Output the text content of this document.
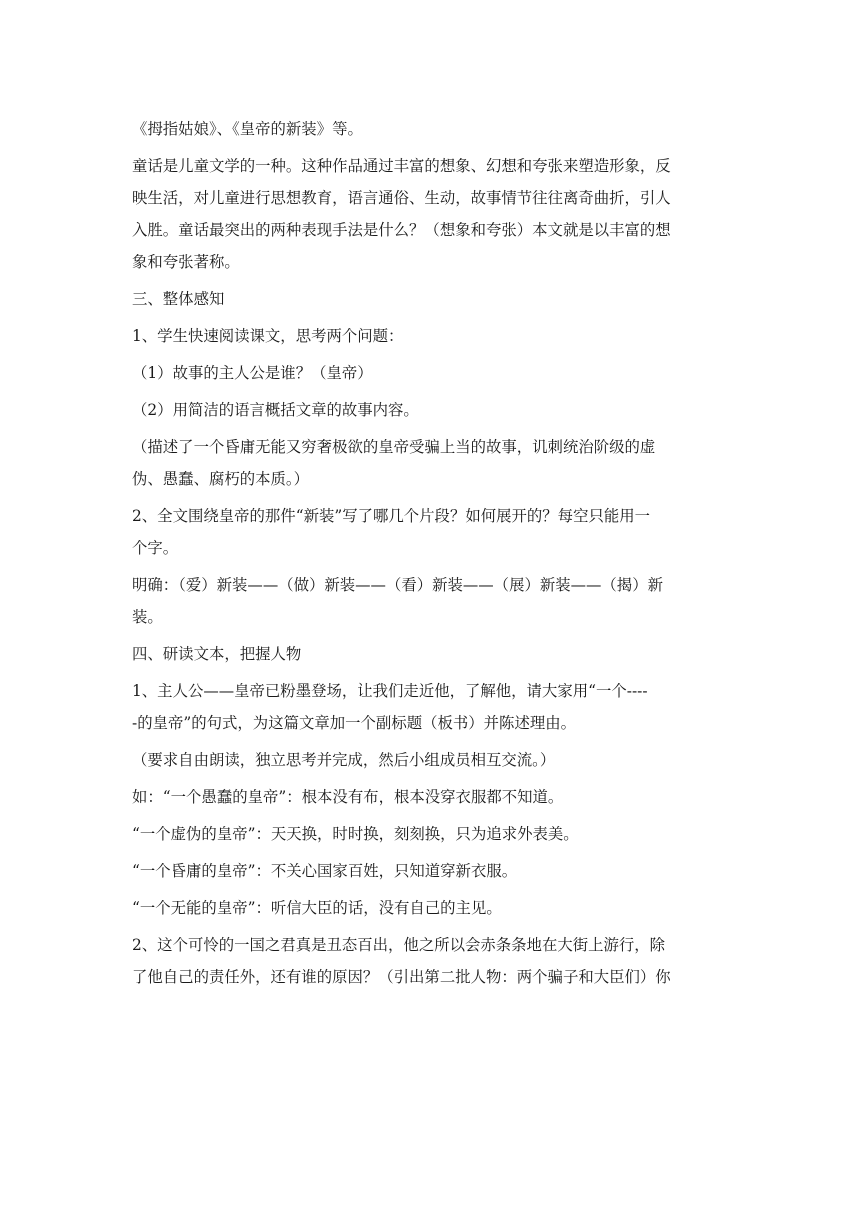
《拇指姑娘》、《皇帝的新装》等。
童话是儿童文学的一种。这种作品通过丰富的想象、幻想和夸张来塑造形象，反
映生活，对儿童进行思想教育，语言通俗、生动，故事情节往往离奇曲折，引人
入胜。童话最突出的两种表现手法是什么？（想象和夸张）本文就是以丰富的想
象和夸张著称。
三、整体感知
1、学生快速阅读课文，思考两个问题：
（1）故事的主人公是谁？（皇帝）
（2）用简洁的语言概括文章的故事内容。
（描述了一个昏庸无能又穷奢极欲的皇帝受骗上当的故事，讥刺统治阶级的虚
伪、愚蠢、腐朽的本质。）
2、全文围绕皇帝的那件“新装”写了哪几个片段？如何展开的？每空只能用一
个字。
明确：（爱）新装——（做）新装——（看）新装——（展）新装——（揭）新
装。
四、研读文本，把握人物
1、主人公——皇帝已粉墨登场，让我们走近他，了解他，请大家用“一个----
-的皇帝”的句式，为这篇文章加一个副标题（板书）并陈述理由。
（要求自由朗读，独立思考并完成，然后小组成员相互交流。）
如：“一个愚蠢的皇帝”：根本没有布，根本没穿衣服都不知道。
“一个虚伪的皇帝”：天天换，时时换，刻刻换，只为追求外表美。
“一个昏庸的皇帝”：不关心国家百姓，只知道穿新衣服。
“一个无能的皇帝”：听信大臣的话，没有自己的主见。
2、这个可怜的一国之君真是丑态百出，他之所以会赤条条地在大街上游行，除
了他自己的责任外，还有谁的原因？（引出第二批人物：两个骗子和大臣们）你
